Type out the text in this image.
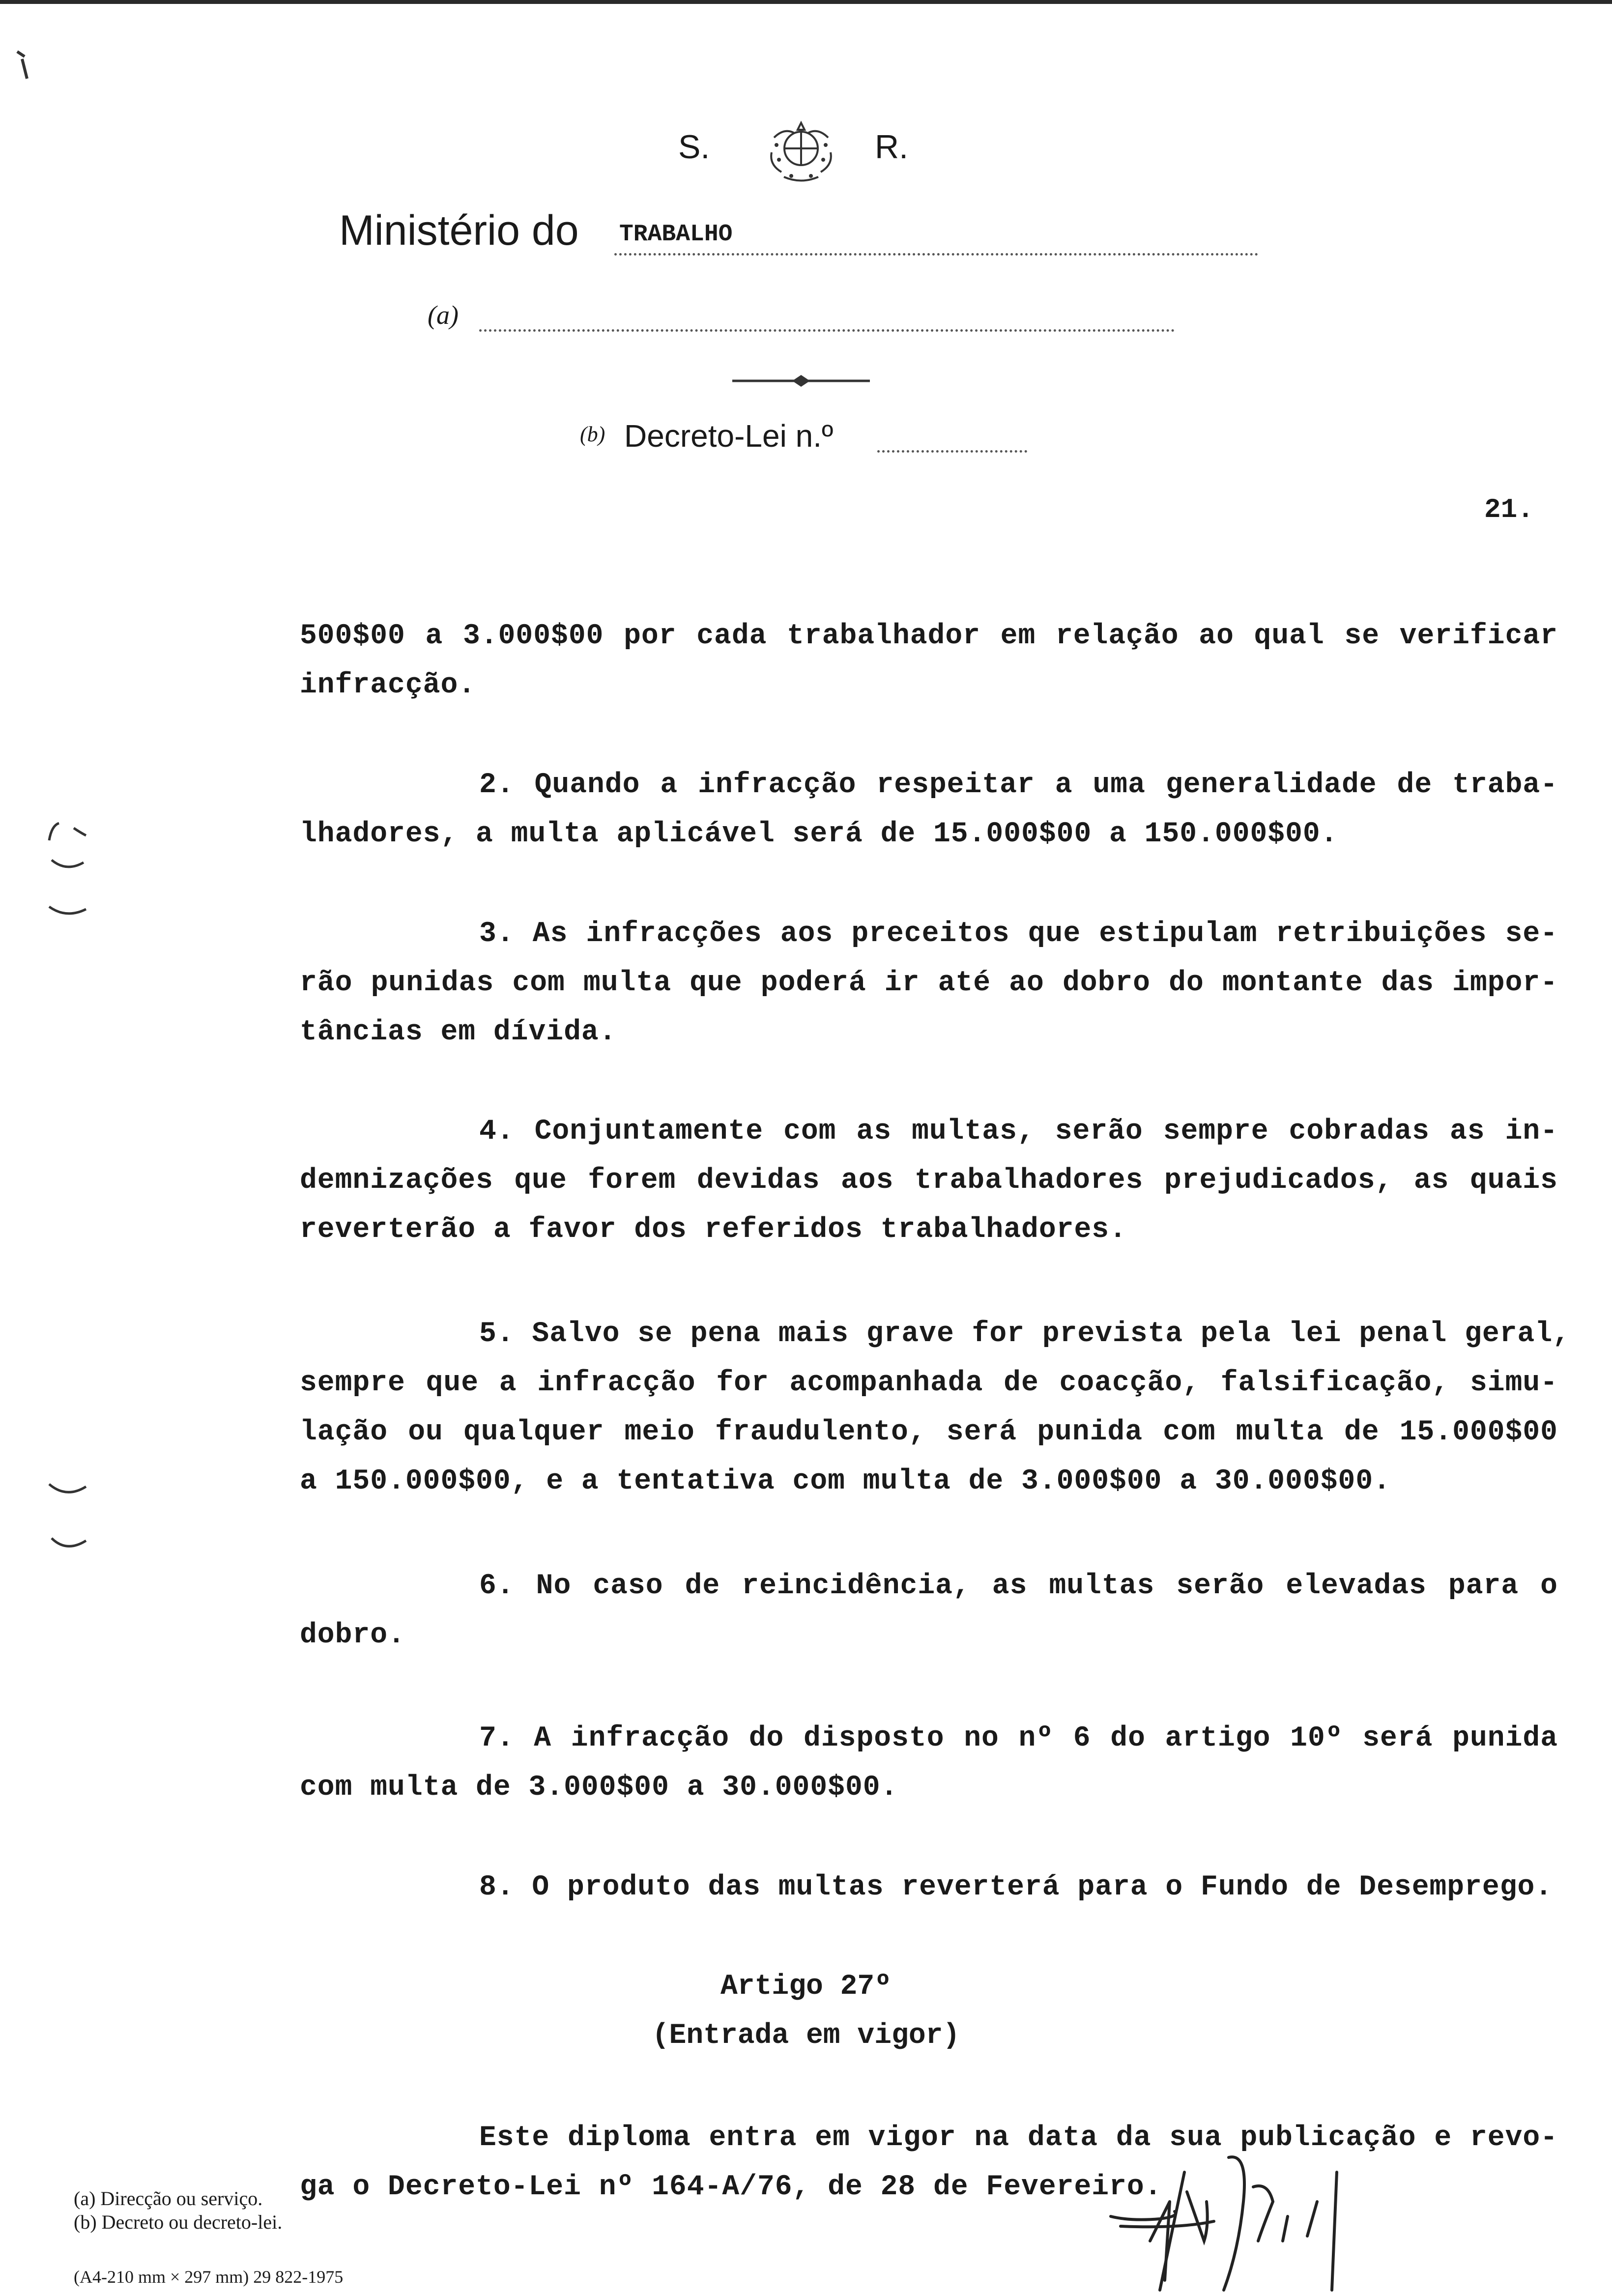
S.	R.
Ministério do TRABALHO
(a)
(b) Decreto-Lei n.º
21.
500$00 a 3.000$00 por cada trabalhador em relação ao qual se verificar
infracção.
2. Quando a infracção respeitar a uma generalidade de traba-
lhadores, a multa aplicável será de 15.000$00 a 150.000$00.
3. As infracções aos preceitos que estipulam retribuições se-
rão punidas com multa que poderá ir até ao dobro do montante das impor-
tâncias em dívida.
4. Conjuntamente com as multas, serão sempre cobradas as in-
demnizações que forem devidas aos trabalhadores prejudicados, as quais
reverterão a favor dos referidos trabalhadores.
5. Salvo se pena mais grave for prevista pela lei penal geral,
sempre que a infracção for acompanhada de coacção, falsificação, simu-
lação ou qualquer meio fraudulento, será punida com multa de 15.000$00
a 150.000$00, e a tentativa com multa de 3.000$00 a 30.000$00.
6. No caso de reincidência, as multas serão elevadas para o
dobro.
7. A infracção do disposto no nº 6 do artigo 10º será punida
com multa de 3.000$00 a 30.000$00.
8. O produto das multas reverterá para o Fundo de Desemprego.
Artigo 27º
(Entrada em vigor)
Este diploma entra em vigor na data da sua publicação e revo-
ga o Decreto-Lei nº 164-A/76, de 28 de Fevereiro.
(a) Direcção ou serviço.
(b) Decreto ou decreto-lei.
(A4-210 mm × 297 mm) 29 822-1975
